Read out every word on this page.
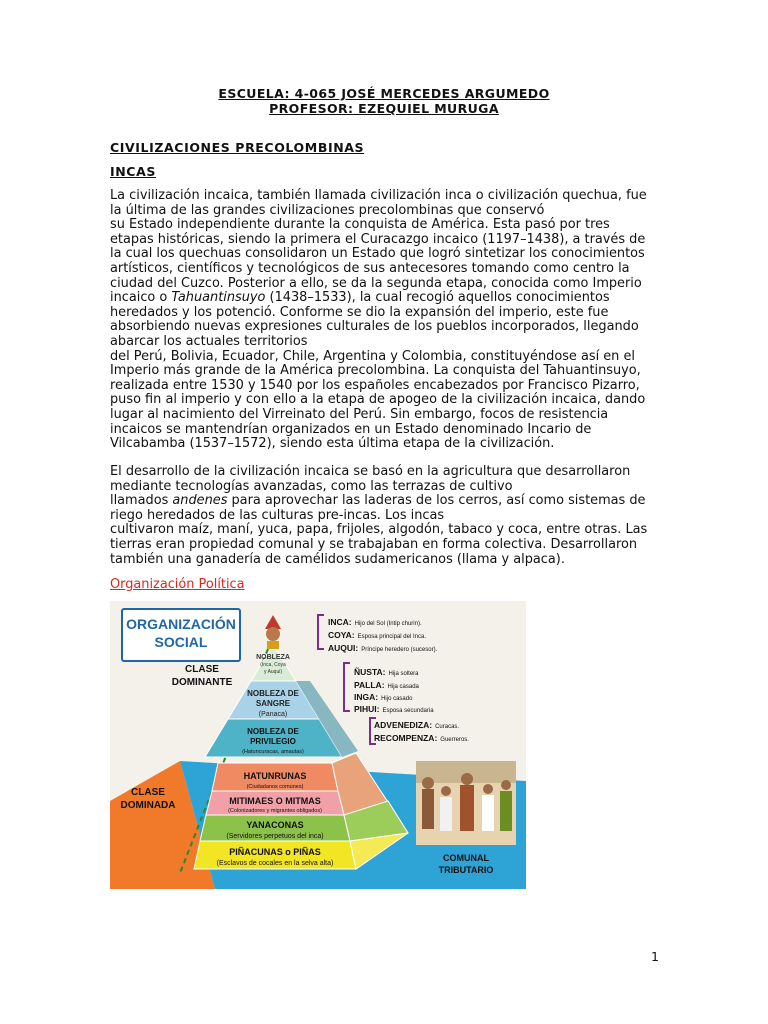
ESCUELA: 4-065 JOSÉ MERCEDES ARGUMEDO
PROFESOR: EZEQUIEL MURUGA
CIVILIZACIONES PRECOLOMBINAS
INCAS
La civilización incaica, también llamada civilización inca o civilización quechua, fue
la última de las grandes civilizaciones precolombinas que conservó
su Estado independiente durante la conquista de América. Esta pasó por tres
etapas históricas, siendo la primera el Curacazgo incaico (1197–1438), a través de
la cual los quechuas consolidaron un Estado que logró sintetizar los conocimientos
artísticos, científicos y tecnológicos de sus antecesores tomando como centro la
ciudad del Cuzco. Posterior a ello, se da la segunda etapa, conocida como Imperio
incaico o Tahuantinsuyo (1438–1533), la cual recogió aquellos conocimientos
heredados y los potenció. Conforme se dio la expansión del imperio, este fue
absorbiendo nuevas expresiones culturales de los pueblos incorporados, llegando
abarcar los actuales territorios
del Perú, Bolivia, Ecuador, Chile, Argentina y Colombia, constituyéndose así en el
Imperio más grande de la América precolombina. La conquista del Tahuantinsuyo,
realizada entre 1530 y 1540 por los españoles encabezados por Francisco Pizarro,
puso fin al imperio y con ello a la etapa de apogeo de la civilización incaica, dando
lugar al nacimiento del Virreinato del Perú. Sin embargo, focos de resistencia
incaicos se mantendrían organizados en un Estado denominado Incario de
Vilcabamba (1537–1572), siendo esta última etapa de la civilización.
El desarrollo de la civilización incaica se basó en la agricultura que desarrollaron
mediante tecnologías avanzadas, como las terrazas de cultivo
llamados andenes para aprovechar las laderas de los cerros, así como sistemas de
riego heredados de las culturas pre-incas. Los incas
cultivaron maíz, maní, yuca, papa, frijoles, algodón, tabaco y coca, entre otras. Las
tierras eran propiedad comunal y se trabajaban en forma colectiva. Desarrollaron
también una ganadería de camélidos sudamericanos (llama y alpaca).
Organización Política
ORGANIZACIÓN
SOCIAL
NOBLEZA
(Inca, Coya
y Auqui)
NOBLEZA DE
SANGRE
(Panaca)
NOBLEZA DE
PRIVILEGIO
(Hatuncuracas, amautas)
HATUNRUNAS
(Ciudadanos comunes)
MITIMAES O MITMAS
(Colonizadores y migrantes obligados)
YANACONAS
(Servidores perpetuos del inca)
PIÑACUNAS o PIÑAS
(Esclavos de cocales en la selva alta)
CLASE
DOMINANTE
CLASE
DOMINADA
INCA: Hijo del Sol (Intip churin).
COYA: Esposa principal del Inca.
AUQUI: Príncipe heredero (sucesor).
ÑUSTA: Hija soltera
PALLA: Hija casada
INGA: Hijo casado
PIHUI: Esposa secundaria
ADVENEDIZA: Curacas.
RECOMPENZA: Guerreros.
COMUNAL
TRIBUTARIO
1
